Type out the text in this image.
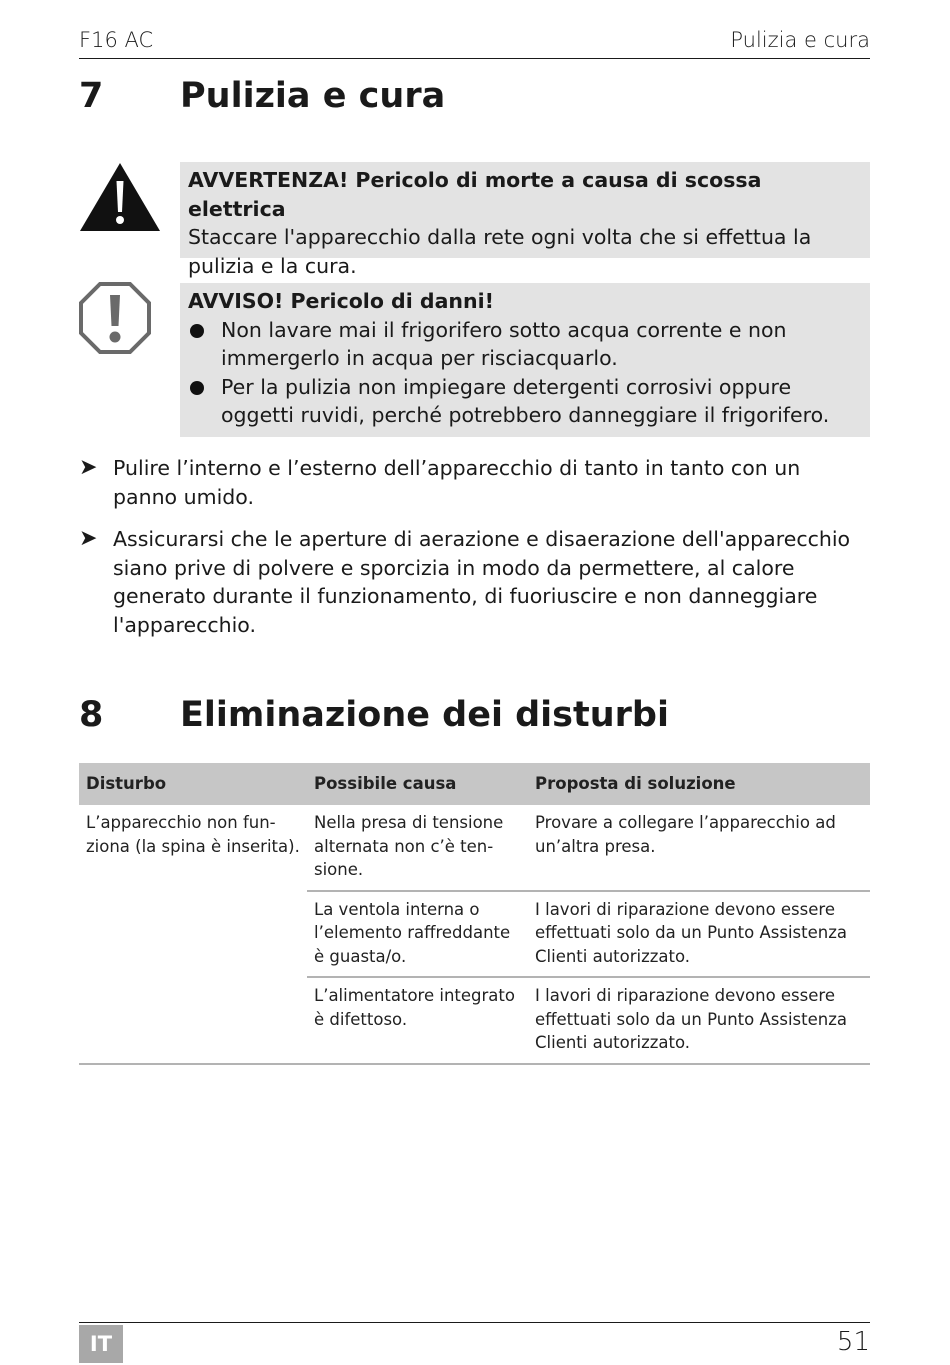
F16 AC	Pulizia e cura
7 Pulizia e cura
AVVERTENZA! Pericolo di morte a causa di scossa elettrica
Staccare l'apparecchio dalla rete ogni volta che si effettua la pulizia e la cura.
AVVISO! Pericolo di danni!
Non lavare mai il frigorifero sotto acqua corrente e non immergerlo in acqua per risciacquarlo.
Per la pulizia non impiegare detergenti corrosivi oppure oggetti ruvidi, perché potrebbero danneggiare il frigorifero.
➤ Pulire l’interno e l’esterno dell’apparecchio di tanto in tanto con un panno umido.
➤ Assicurarsi che le aperture di aerazione e disaerazione dell'apparecchio siano prive di polvere e sporcizia in modo da permettere, al calore generato durante il funzionamento, di fuoriuscire e non danneggiare l'apparecchio.
8 Eliminazione dei disturbi
Disturbo	Possibile causa	Proposta di soluzione
L’apparecchio non fun- ziona (la spina è inserita).	Nella presa di tensione alternata non c’è ten- sione.	Provare a collegare l’apparecchio ad un’altra presa.
	La ventola interna o l’elemento raffreddante è guasta/o.	I lavori di riparazione devono essere effettuati solo da un Punto Assistenza Clienti autorizzato.
	L’alimentatore integrato è difettoso.	I lavori di riparazione devono essere effettuati solo da un Punto Assistenza Clienti autorizzato.
IT	51
